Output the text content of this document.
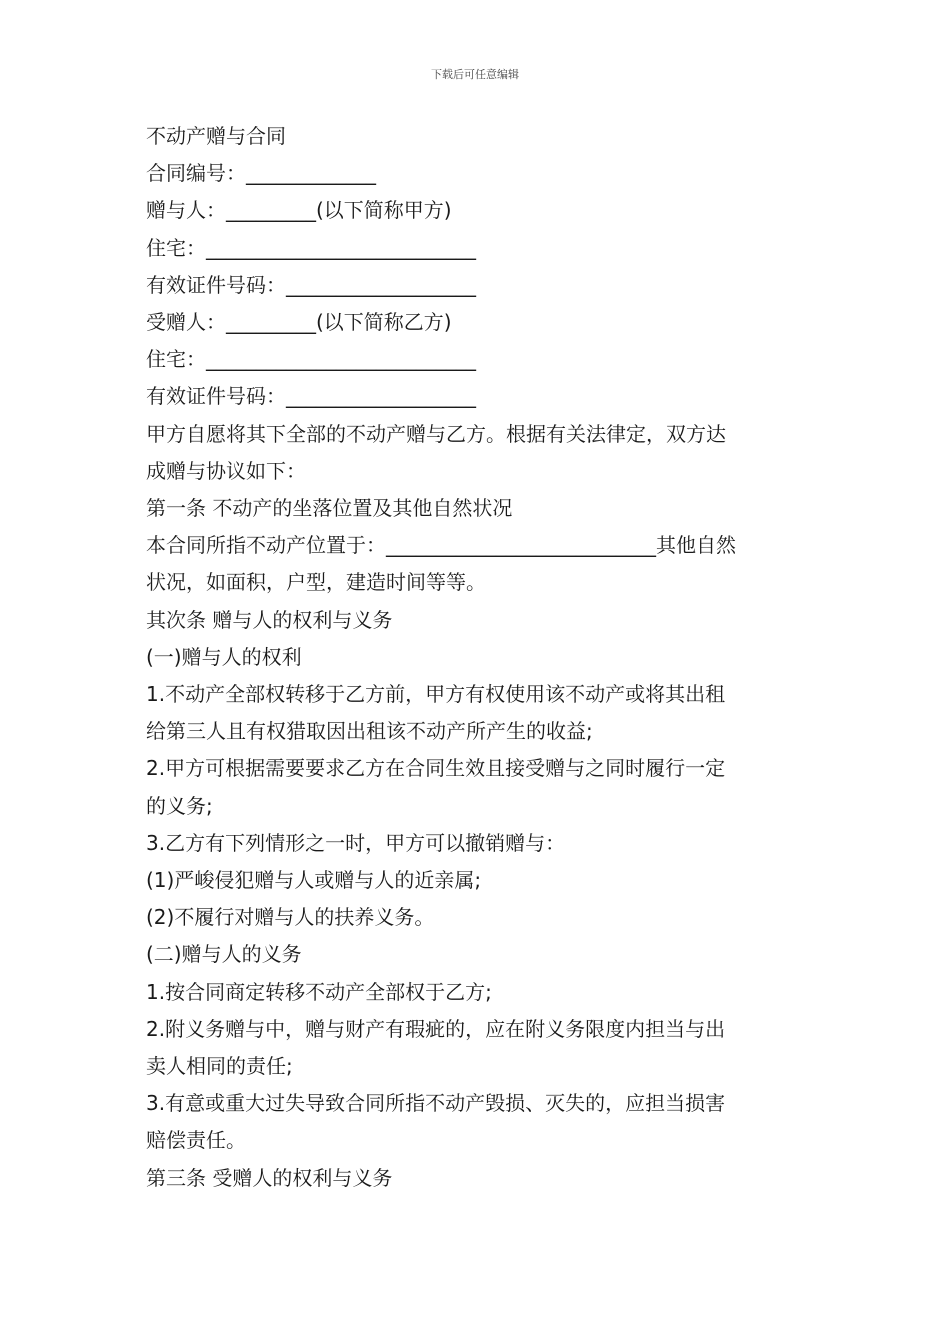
下载后可任意编辑
不动产赠与合同
合同编号：_____________
赠与人：_________(以下简称甲方)
住宅：___________________________
有效证件号码：___________________
受赠人：_________(以下简称乙方)
住宅：___________________________
有效证件号码：___________________
甲方自愿将其下全部的不动产赠与乙方。根据有关法律定，双方达
成赠与协议如下：
第一条 不动产的坐落位置及其他自然状况
本合同所指不动产位置于：___________________________其他自然
状况，如面积，户型，建造时间等等。
其次条 赠与人的权利与义务
(一)赠与人的权利
1.不动产全部权转移于乙方前，甲方有权使用该不动产或将其出租
给第三人且有权猎取因出租该不动产所产生的收益;
2.甲方可根据需要要求乙方在合同生效且接受赠与之同时履行一定
的义务;
3.乙方有下列情形之一时，甲方可以撤销赠与：
(1)严峻侵犯赠与人或赠与人的近亲属;
(2)不履行对赠与人的扶养义务。
(二)赠与人的义务
1.按合同商定转移不动产全部权于乙方;
2.附义务赠与中，赠与财产有瑕疵的，应在附义务限度内担当与出
卖人相同的责任;
3.有意或重大过失导致合同所指不动产毁损、灭失的，应担当损害
赔偿责任。
第三条 受赠人的权利与义务
